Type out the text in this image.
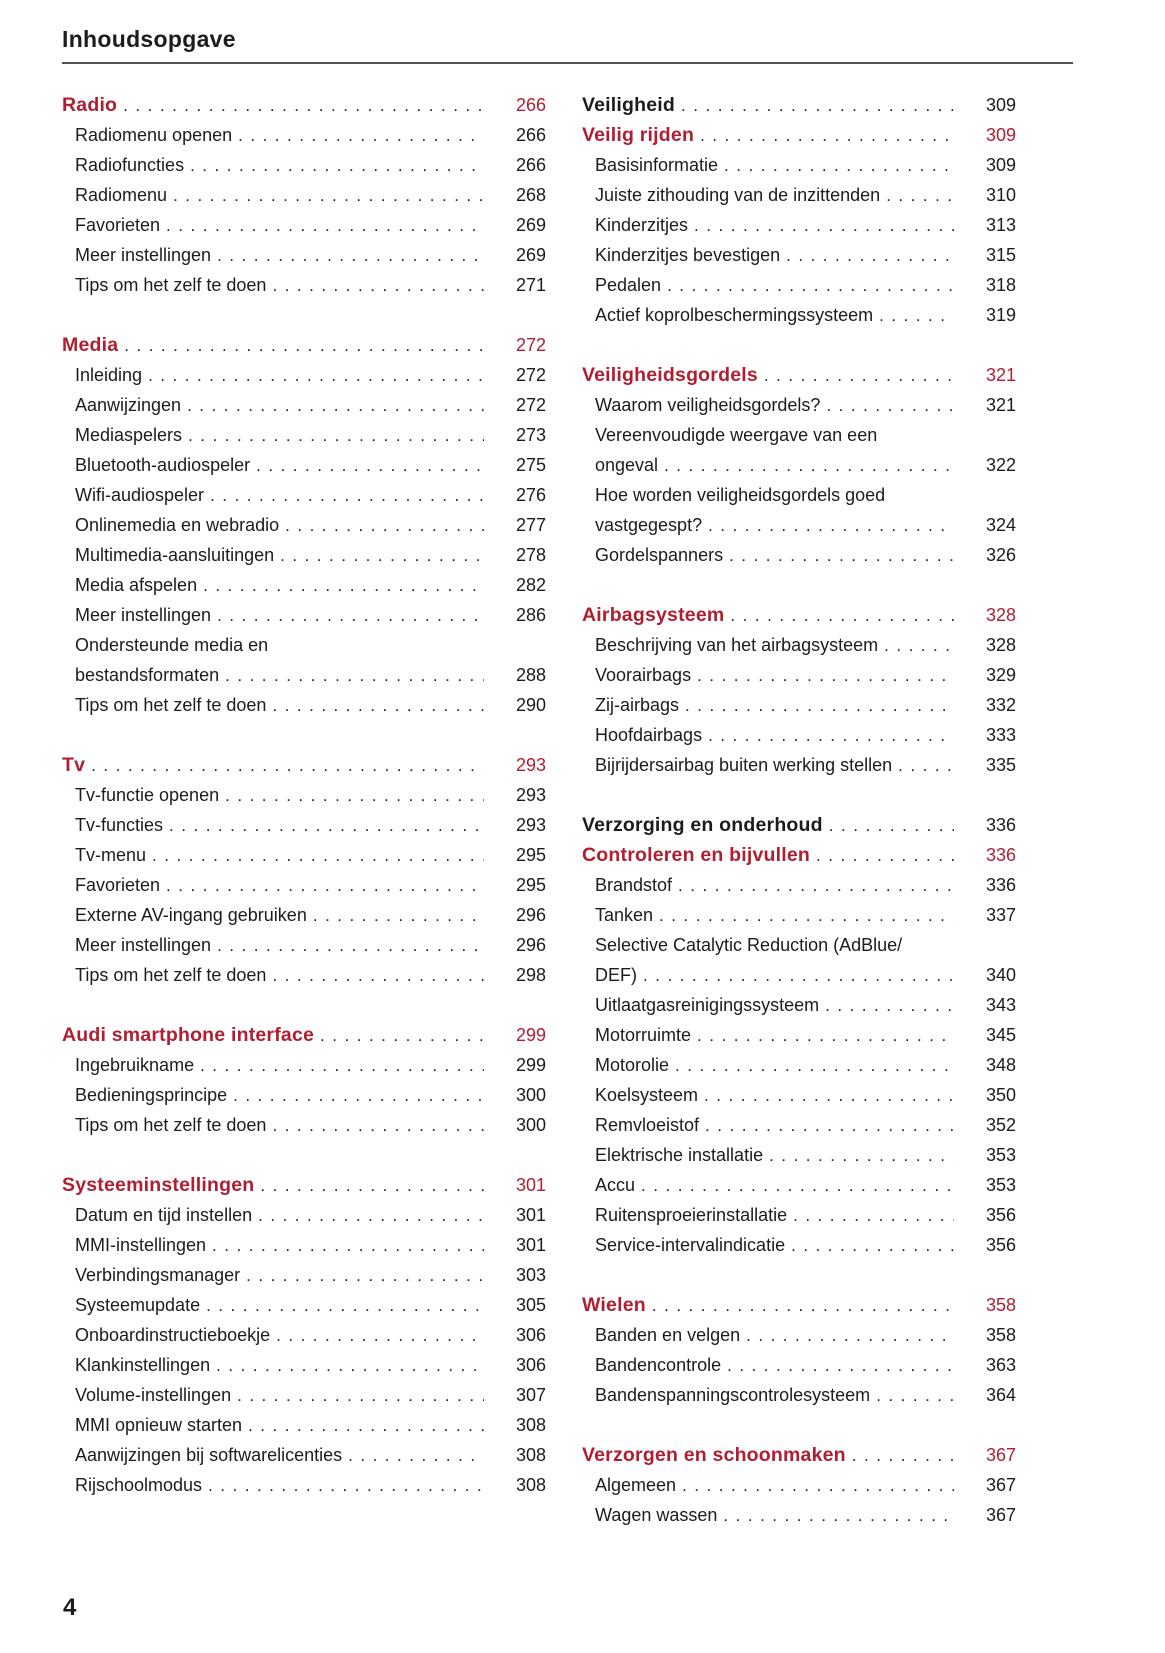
Inhoudsopgave
Radio .....	266
Radiomenu openen .....	266
Radiofuncties .....	266
Radiomenu .....	268
Favorieten .....	269
Meer instellingen .....	269
Tips om het zelf te doen .....	271
Media .....	272
Inleiding .....	272
Aanwijzingen .....	272
Mediaspelers .....	273
Bluetooth-audiospeler .....	275
Wifi-audiospeler .....	276
Onlinemedia en webradio .....	277
Multimedia-aansluitingen .....	278
Media afspelen .....	282
Meer instellingen .....	286
Ondersteunde media en
bestandsformaten .....	288
Tips om het zelf te doen .....	290
Tv .....	293
Tv-functie openen .....	293
Tv-functies .....	293
Tv-menu .....	295
Favorieten .....	295
Externe AV-ingang gebruiken .....	296
Meer instellingen .....	296
Tips om het zelf te doen .....	298
Audi smartphone interface .....	299
Ingebruikname .....	299
Bedieningsprincipe .....	300
Tips om het zelf te doen .....	300
Systeeminstellingen .....	301
Datum en tijd instellen .....	301
MMI-instellingen .....	301
Verbindingsmanager .....	303
Systeemupdate .....	305
Onboardinstructieboekje .....	306
Klankinstellingen .....	306
Volume-instellingen .....	307
MMI opnieuw starten .....	308
Aanwijzingen bij softwarelicenties .....	308
Rijschoolmodus .....	308
Veiligheid .....	309
Veilig rijden .....	309
Basisinformatie .....	309
Juiste zithouding van de inzittenden .....	310
Kinderzitjes .....	313
Kinderzitjes bevestigen .....	315
Pedalen .....	318
Actief koprolbeschermingssysteem .....	319
Veiligheidsgordels .....	321
Waarom veiligheidsgordels? .....	321
Vereenvoudigde weergave van een
ongeval .....	322
Hoe worden veiligheidsgordels goed
vastgegespt? .....	324
Gordelspanners .....	326
Airbagsysteem .....	328
Beschrijving van het airbagsysteem .....	328
Voorairbags .....	329
Zij-airbags .....	332
Hoofdairbags .....	333
Bijrijdersairbag buiten werking stellen .....	335
Verzorging en onderhoud .....	336
Controleren en bijvullen .....	336
Brandstof .....	336
Tanken .....	337
Selective Catalytic Reduction (AdBlue/
DEF) .....	340
Uitlaatgasreinigingssysteem .....	343
Motorruimte .....	345
Motorolie .....	348
Koelsysteem .....	350
Remvloeistof .....	352
Elektrische installatie .....	353
Accu .....	353
Ruitensproeierinstallatie .....	356
Service-intervalindicatie .....	356
Wielen .....	358
Banden en velgen .....	358
Bandencontrole .....	363
Bandenspanningscontrolesysteem .....	364
Verzorgen en schoonmaken .....	367
Algemeen .....	367
Wagen wassen .....	367
4
